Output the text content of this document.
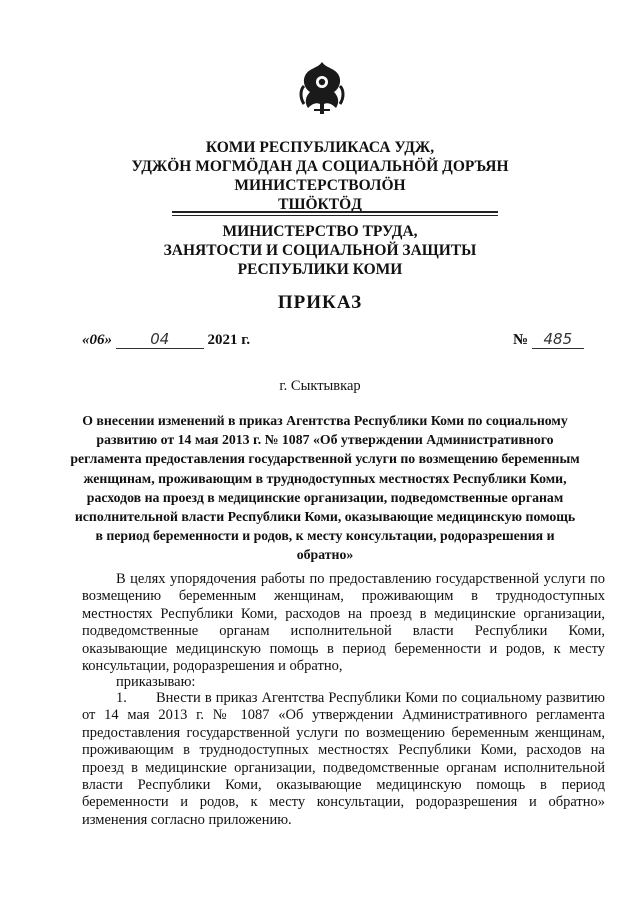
КОМИ РЕСПУБЛИКАСА УДЖ,
УДЖӦН МОГМӦДАН ДА СОЦИАЛЬНӦЙ ДОРЪЯН
МИНИСТЕРСТВОЛӦН
ТШӦКТӦД
МИНИСТЕРСТВО ТРУДА,
ЗАНЯТОСТИ И СОЦИАЛЬНОЙ ЗАЩИТЫ
РЕСПУБЛИКИ КОМИ
ПРИКАЗ
«06»	04	2021 г.	№ 485
г. Сыктывкар
О внесении изменений в приказ Агентства Республики Коми по социальному развитию от 14 мая 2013 г. № 1087 «Об утверждении Административного регламента предоставления государственной услуги по возмещению беременным женщинам, проживающим в труднодоступных местностях Республики Коми, расходов на проезд в медицинские организации, подведомственные органам исполнительной власти Республики Коми, оказывающие медицинскую помощь в период беременности и родов, к месту консультации, родоразрешения и обратно»
В целях упорядочения работы по предоставлению государственной услуги по возмещению беременным женщинам, проживающим в труднодоступных местностях Республики Коми, расходов на проезд в медицинские организации, подведомственные органам исполнительной власти Республики Коми, оказывающие медицинскую помощь в период беременности и родов, к месту консультации, родоразрешения и обратно,
приказываю:
1. Внести в приказ Агентства Республики Коми по социальному развитию от 14 мая 2013 г. № 1087 «Об утверждении Административного регламента предоставления государственной услуги по возмещению беременным женщинам, проживающим в труднодоступных местностях Республики Коми, расходов на проезд в медицинские организации, подведомственные органам исполнительной власти Республики Коми, оказывающие медицинскую помощь в период беременности и родов, к месту консультации, родоразрешения и обратно» изменения согласно приложению.
